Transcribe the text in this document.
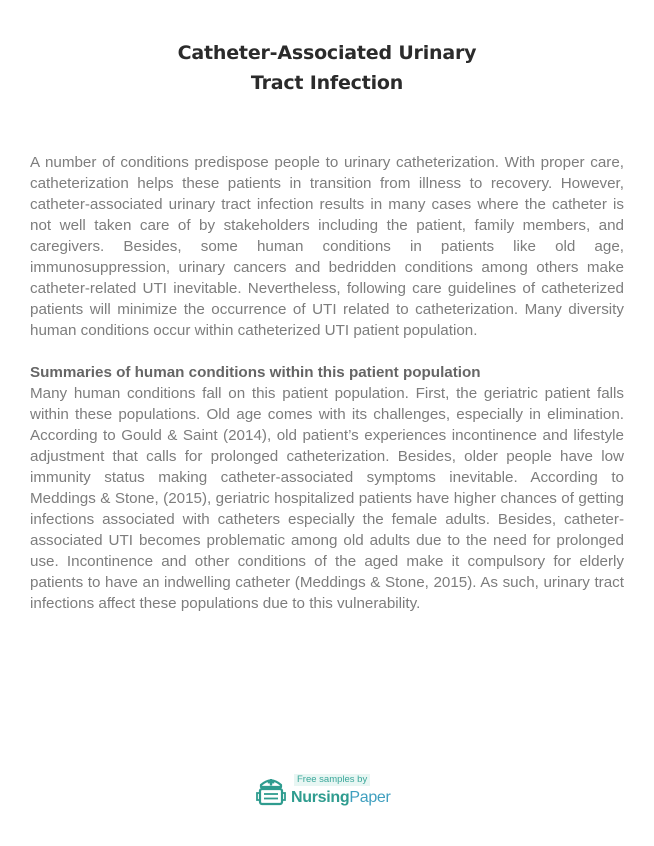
Catheter-Associated Urinary
Tract Infection

A number of conditions predispose people to urinary catheterization. With proper care, catheterization helps these patients in transition from illness to recovery. However, catheter-associated urinary tract infection results in many cases where the catheter is not well taken care of by stakeholders including the patient, family members, and caregivers. Besides, some human conditions in patients like old age, immunosuppression, urinary cancers and bedridden conditions among others make catheter-related UTI inevitable. Nevertheless, following care guidelines of catheterized patients will minimize the occurrence of UTI related to catheterization. Many diversity human conditions occur within catheterized UTI patient population.

Summaries of human conditions within this patient population

Many human conditions fall on this patient population. First, the geriatric patient falls within these populations. Old age comes with its challenges, especially in elimination. According to Gould & Saint (2014), old patient’s experiences incontinence and lifestyle adjustment that calls for prolonged catheterization. Besides, older people have low immunity status making catheter-associated symptoms inevitable. According to Meddings & Stone, (2015), geriatric hospitalized patients have higher chances of getting infections associated with catheters especially the female adults. Besides, catheter-associated UTI becomes problematic among old adults due to the need for prolonged use. Incontinence and other conditions of the aged make it compulsory for elderly patients to have an indwelling catheter (Meddings & Stone, 2015). As such, urinary tract infections affect these populations due to this vulnerability.

Free samples by
NursingPaper
